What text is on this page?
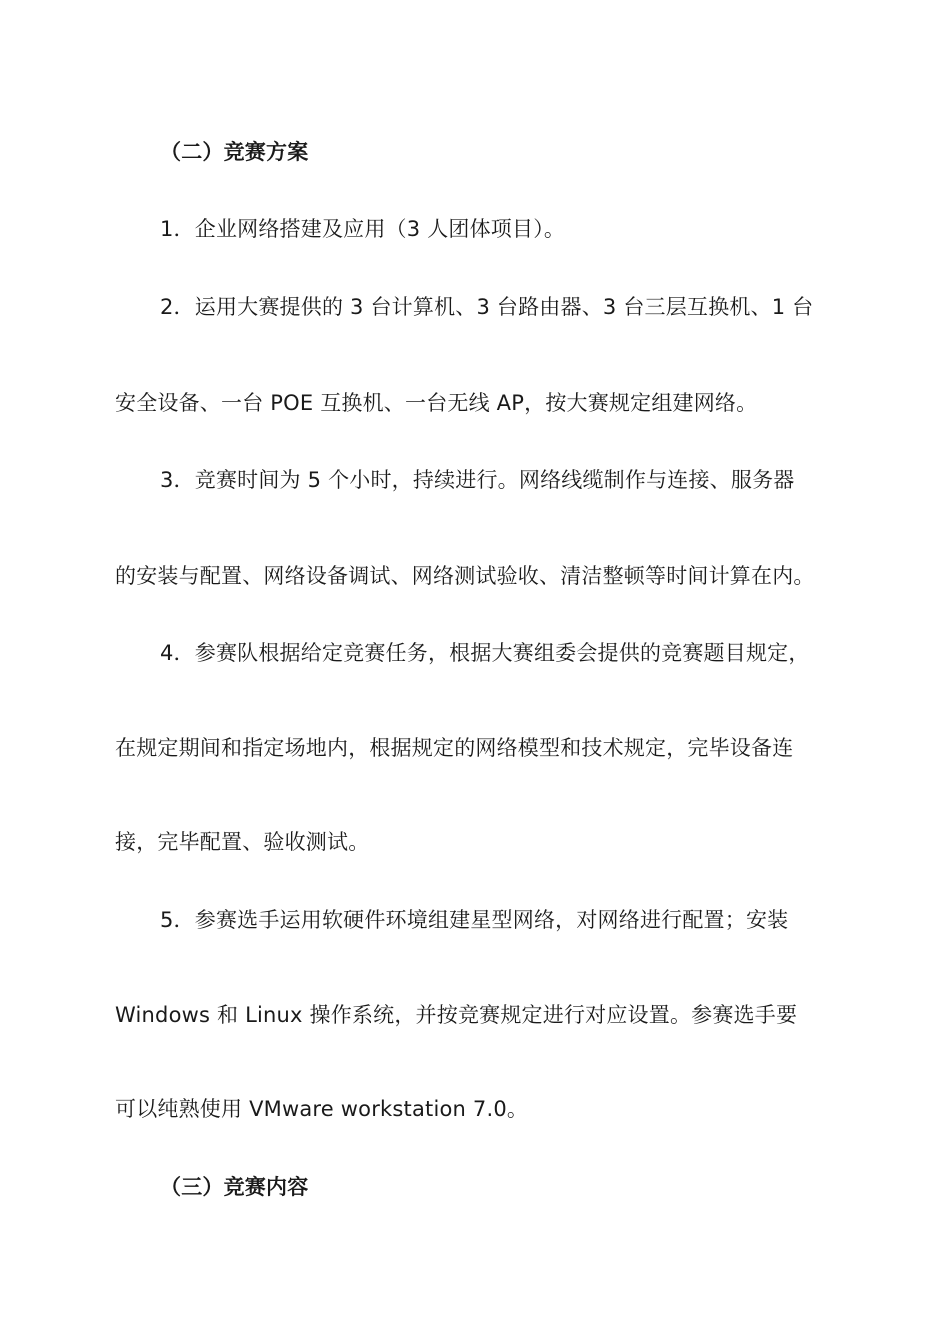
（二）竞赛方案
1．企业网络搭建及应用（3 人团体项目）。
2．运用大赛提供的 3 台计算机、3 台路由器、3 台三层互换机、1 台
安全设备、一台 POE 互换机、一台无线 AP，按大赛规定组建网络。
3．竞赛时间为 5 个小时，持续进行。网络线缆制作与连接、服务器
的安装与配置、网络设备调试、网络测试验收、清洁整顿等时间计算在内。
4．参赛队根据给定竞赛任务，根据大赛组委会提供的竞赛题目规定，
在规定期间和指定场地内，根据规定的网络模型和技术规定，完毕设备连
接，完毕配置、验收测试。
5．参赛选手运用软硬件环境组建星型网络，对网络进行配置；安装
Windows 和 Linux 操作系统，并按竞赛规定进行对应设置。参赛选手要
可以纯熟使用 VMware workstation 7.0。
（三）竞赛内容
